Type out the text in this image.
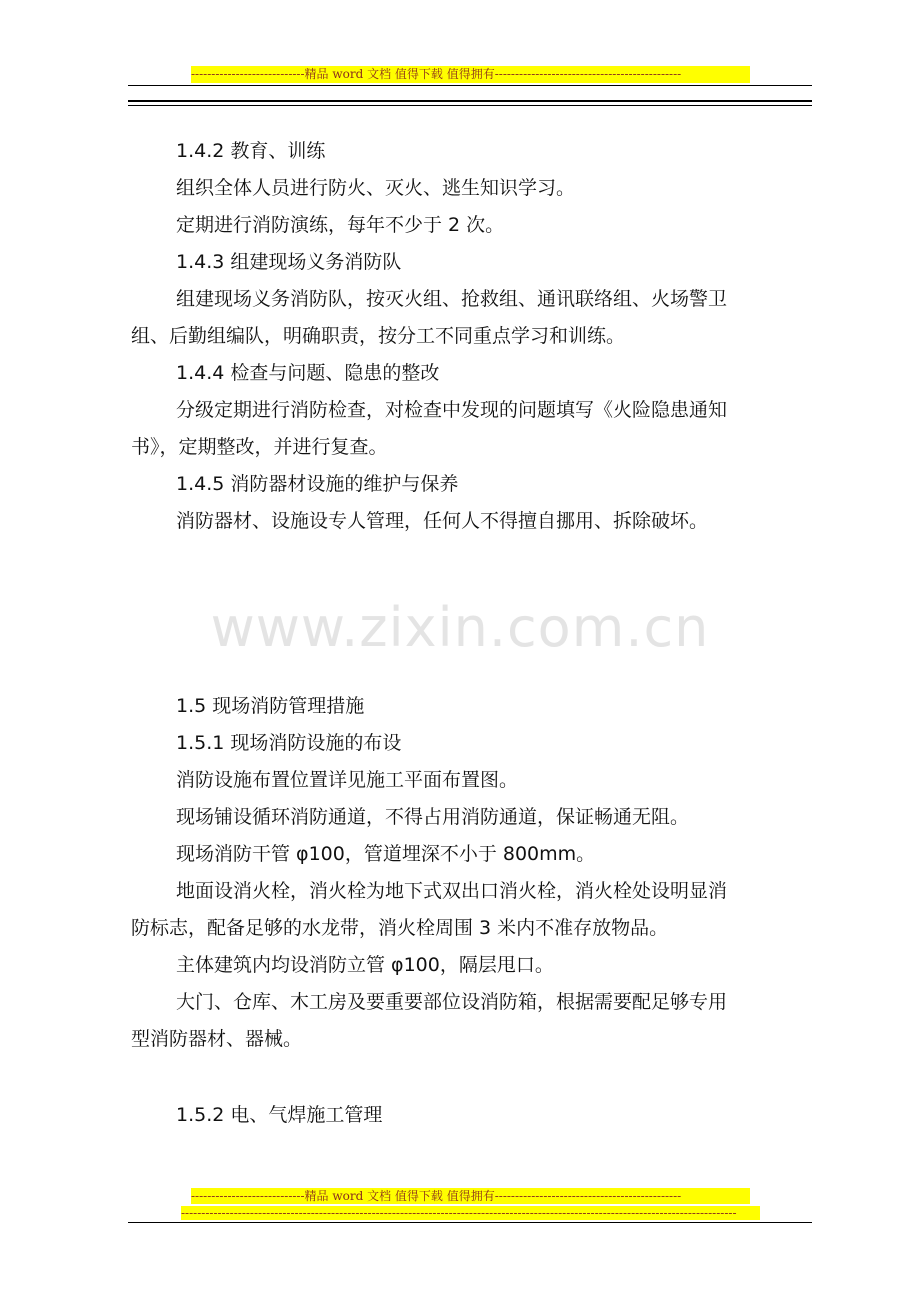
----------------------------精品 word 文档 值得下载 值得拥有----------------------------------------------
1.4.2 教育、训练
组织全体人员进行防火、灭火、逃生知识学习。
定期进行消防演练，每年不少于 2 次。
1.4.3 组建现场义务消防队
组建现场义务消防队，按灭火组、抢救组、通讯联络组、火场警卫
组、后勤组编队，明确职责，按分工不同重点学习和训练。
1.4.4 检查与问题、隐患的整改
分级定期进行消防检查，对检查中发现的问题填写《火险隐患通知
书》，定期整改，并进行复查。
1.4.5 消防器材设施的维护与保养
消防器材、设施设专人管理，任何人不得擅自挪用、拆除破坏。
www.zixin.com.cn
1.5 现场消防管理措施
1.5.1 现场消防设施的布设
消防设施布置位置详见施工平面布置图。
现场铺设循环消防通道，不得占用消防通道，保证畅通无阻。
现场消防干管 φ100，管道埋深不小于 800mm。
地面设消火栓，消火栓为地下式双出口消火栓，消火栓处设明显消
防标志，配备足够的水龙带，消火栓周围 3 米内不准存放物品。
主体建筑内均设消防立管 φ100，隔层甩口。
大门、仓库、木工房及要重要部位设消防箱，根据需要配足够专用
型消防器材、器械。
1.5.2 电、气焊施工管理
----------------------------精品 word 文档 值得下载 值得拥有----------------------------------------------
-----------------------------------------------------------------------------------------------------------------------------------------
